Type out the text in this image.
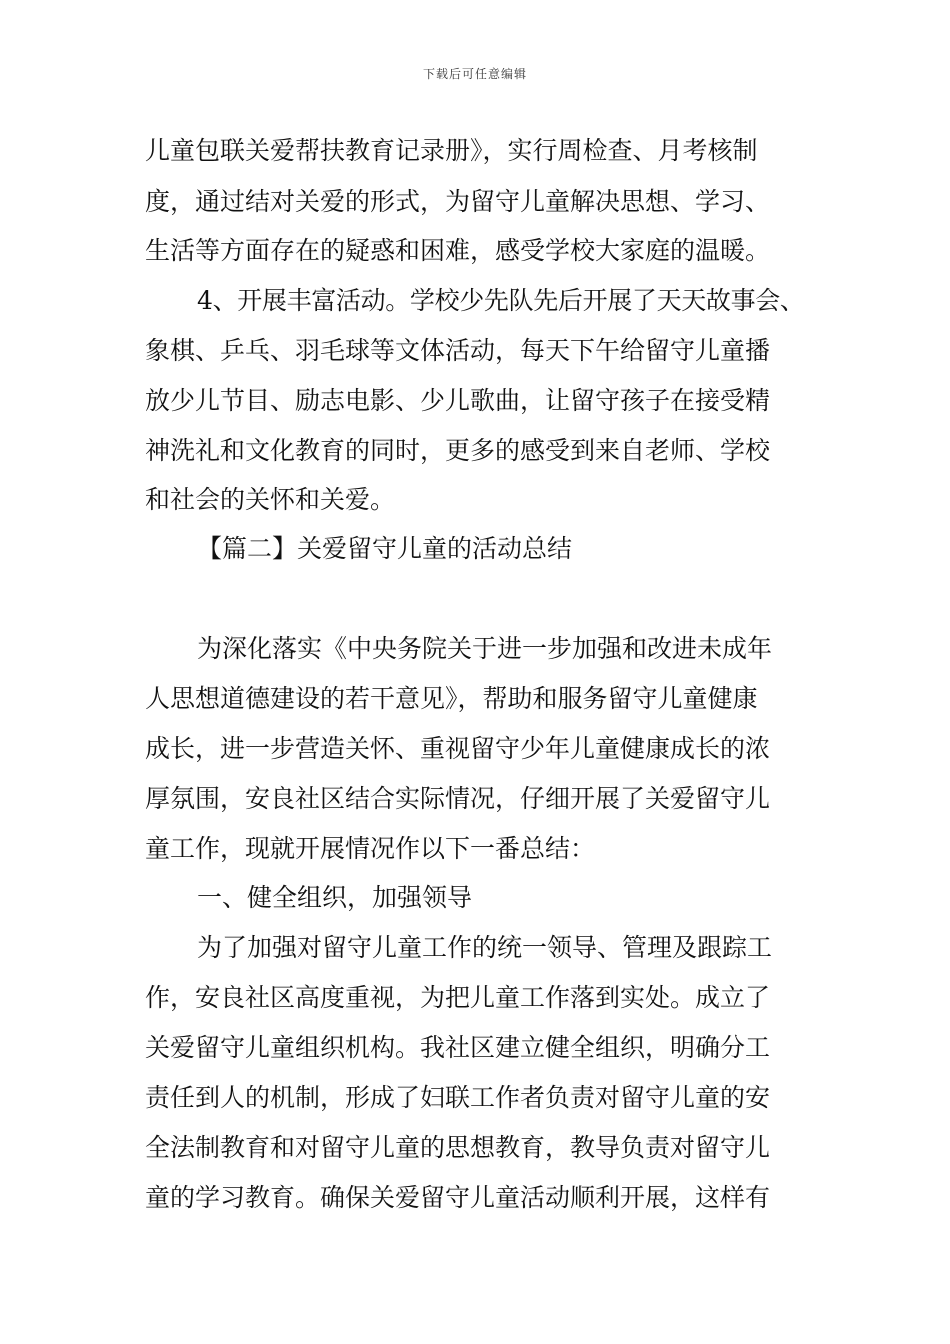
下载后可任意编辑
儿童包联关爱帮扶教育记录册》，实行周检查、月考核制
度，通过结对关爱的形式，为留守儿童解决思想、学习、
生活等方面存在的疑惑和困难，感受学校大家庭的温暖。
4、开展丰富活动。学校少先队先后开展了天天故事会、
象棋、乒乓、羽毛球等文体活动，每天下午给留守儿童播
放少儿节目、励志电影、少儿歌曲，让留守孩子在接受精
神洗礼和文化教育的同时，更多的感受到来自老师、学校
和社会的关怀和关爱。
【篇二】关爱留守儿童的活动总结
为深化落实《中央务院关于进一步加强和改进未成年
人思想道德建设的若干意见》，帮助和服务留守儿童健康
成长，进一步营造关怀、重视留守少年儿童健康成长的浓
厚氛围，安良社区结合实际情况，仔细开展了关爱留守儿
童工作，现就开展情况作以下一番总结：
一、健全组织，加强领导
为了加强对留守儿童工作的统一领导、管理及跟踪工
作，安良社区高度重视，为把儿童工作落到实处。成立了
关爱留守儿童组织机构。我社区建立健全组织，明确分工
责任到人的机制，形成了妇联工作者负责对留守儿童的安
全法制教育和对留守儿童的思想教育，教导负责对留守儿
童的学习教育。确保关爱留守儿童活动顺利开展，这样有
